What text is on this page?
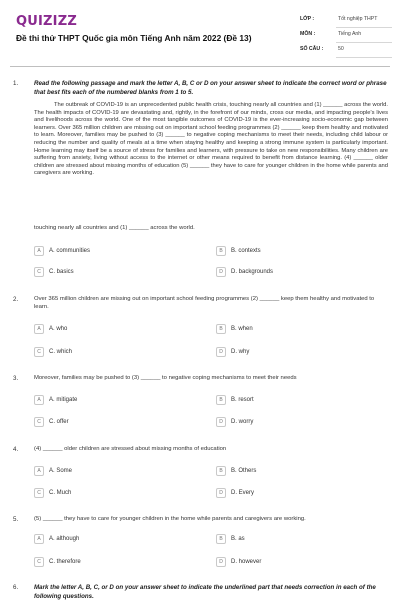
QUIZIZZ
Đề thi thử THPT Quốc gia môn Tiếng Anh năm 2022 (Đề 13)
LỚP :	Tốt nghiệp THPT
MÔN :	Tiếng Anh
SỐ CÂU :	50
1.	Read the following passage and mark the letter A, B, C or D on your answer sheet to indicate the correct word or phrase that best fits each of the numbered blanks from 1 to 5.
The outbreak of COVID-19 is an unprecedented public health crisis, touching nearly all countries and (1) ______ across the world. The health impacts of COVID-19 are devastating and, rightly, in the forefront of our minds, cross our media, and impacting people's lives and livelihoods across the world. One of the most tangible outcomes of COVID-19 is the ever-increasing socio-economic gap between learners. Over 365 million children are missing out on important school feeding programmes (2) ______ keep them healthy and motivated to learn. Moreover, families may be pushed to (3) ______ to negative coping mechanisms to meet their needs, including child labour or reducing the number and quality of meals at a time when staying healthy and keeping a strong immune system is particularly important. Home learning may itself be a source of stress for families and learners, with pressure to take on new responsibilities. Many children are suffering from anxiety, living without access to the internet or other means required to benefit from distance learning. (4) ______ older children are stressed about missing months of education (5) ______ they have to care for younger children in the home while parents and caregivers are working.
touching nearly all countries and (1) ______ across the world.
A	A. communities	B	B. contexts
C	C. basics	D	D. backgrounds
2.	Over 365 million children are missing out on important school feeding programmes (2) ______ keep them healthy and motivated to learn.
A	A. who	B	B. when
C	C. which	D	D. why
3.	Moreover, families may be pushed to (3) ______ to negative coping mechanisms to meet their needs
A	A. mitigate	B	B. resort
C	C. offer	D	D. worry
4.	(4) ______ older children are stressed about missing months of education
A	A. Some	B	B. Others
C	C. Much	D	D. Every
5.	(5) ______ they have to care for younger children in the home while parents and caregivers are working.
A	A. although	B	B. as
C	C. therefore	D	D. however
6.	Mark the letter A, B, C, or D on your answer sheet to indicate the underlined part that needs correction in each of the following questions.
